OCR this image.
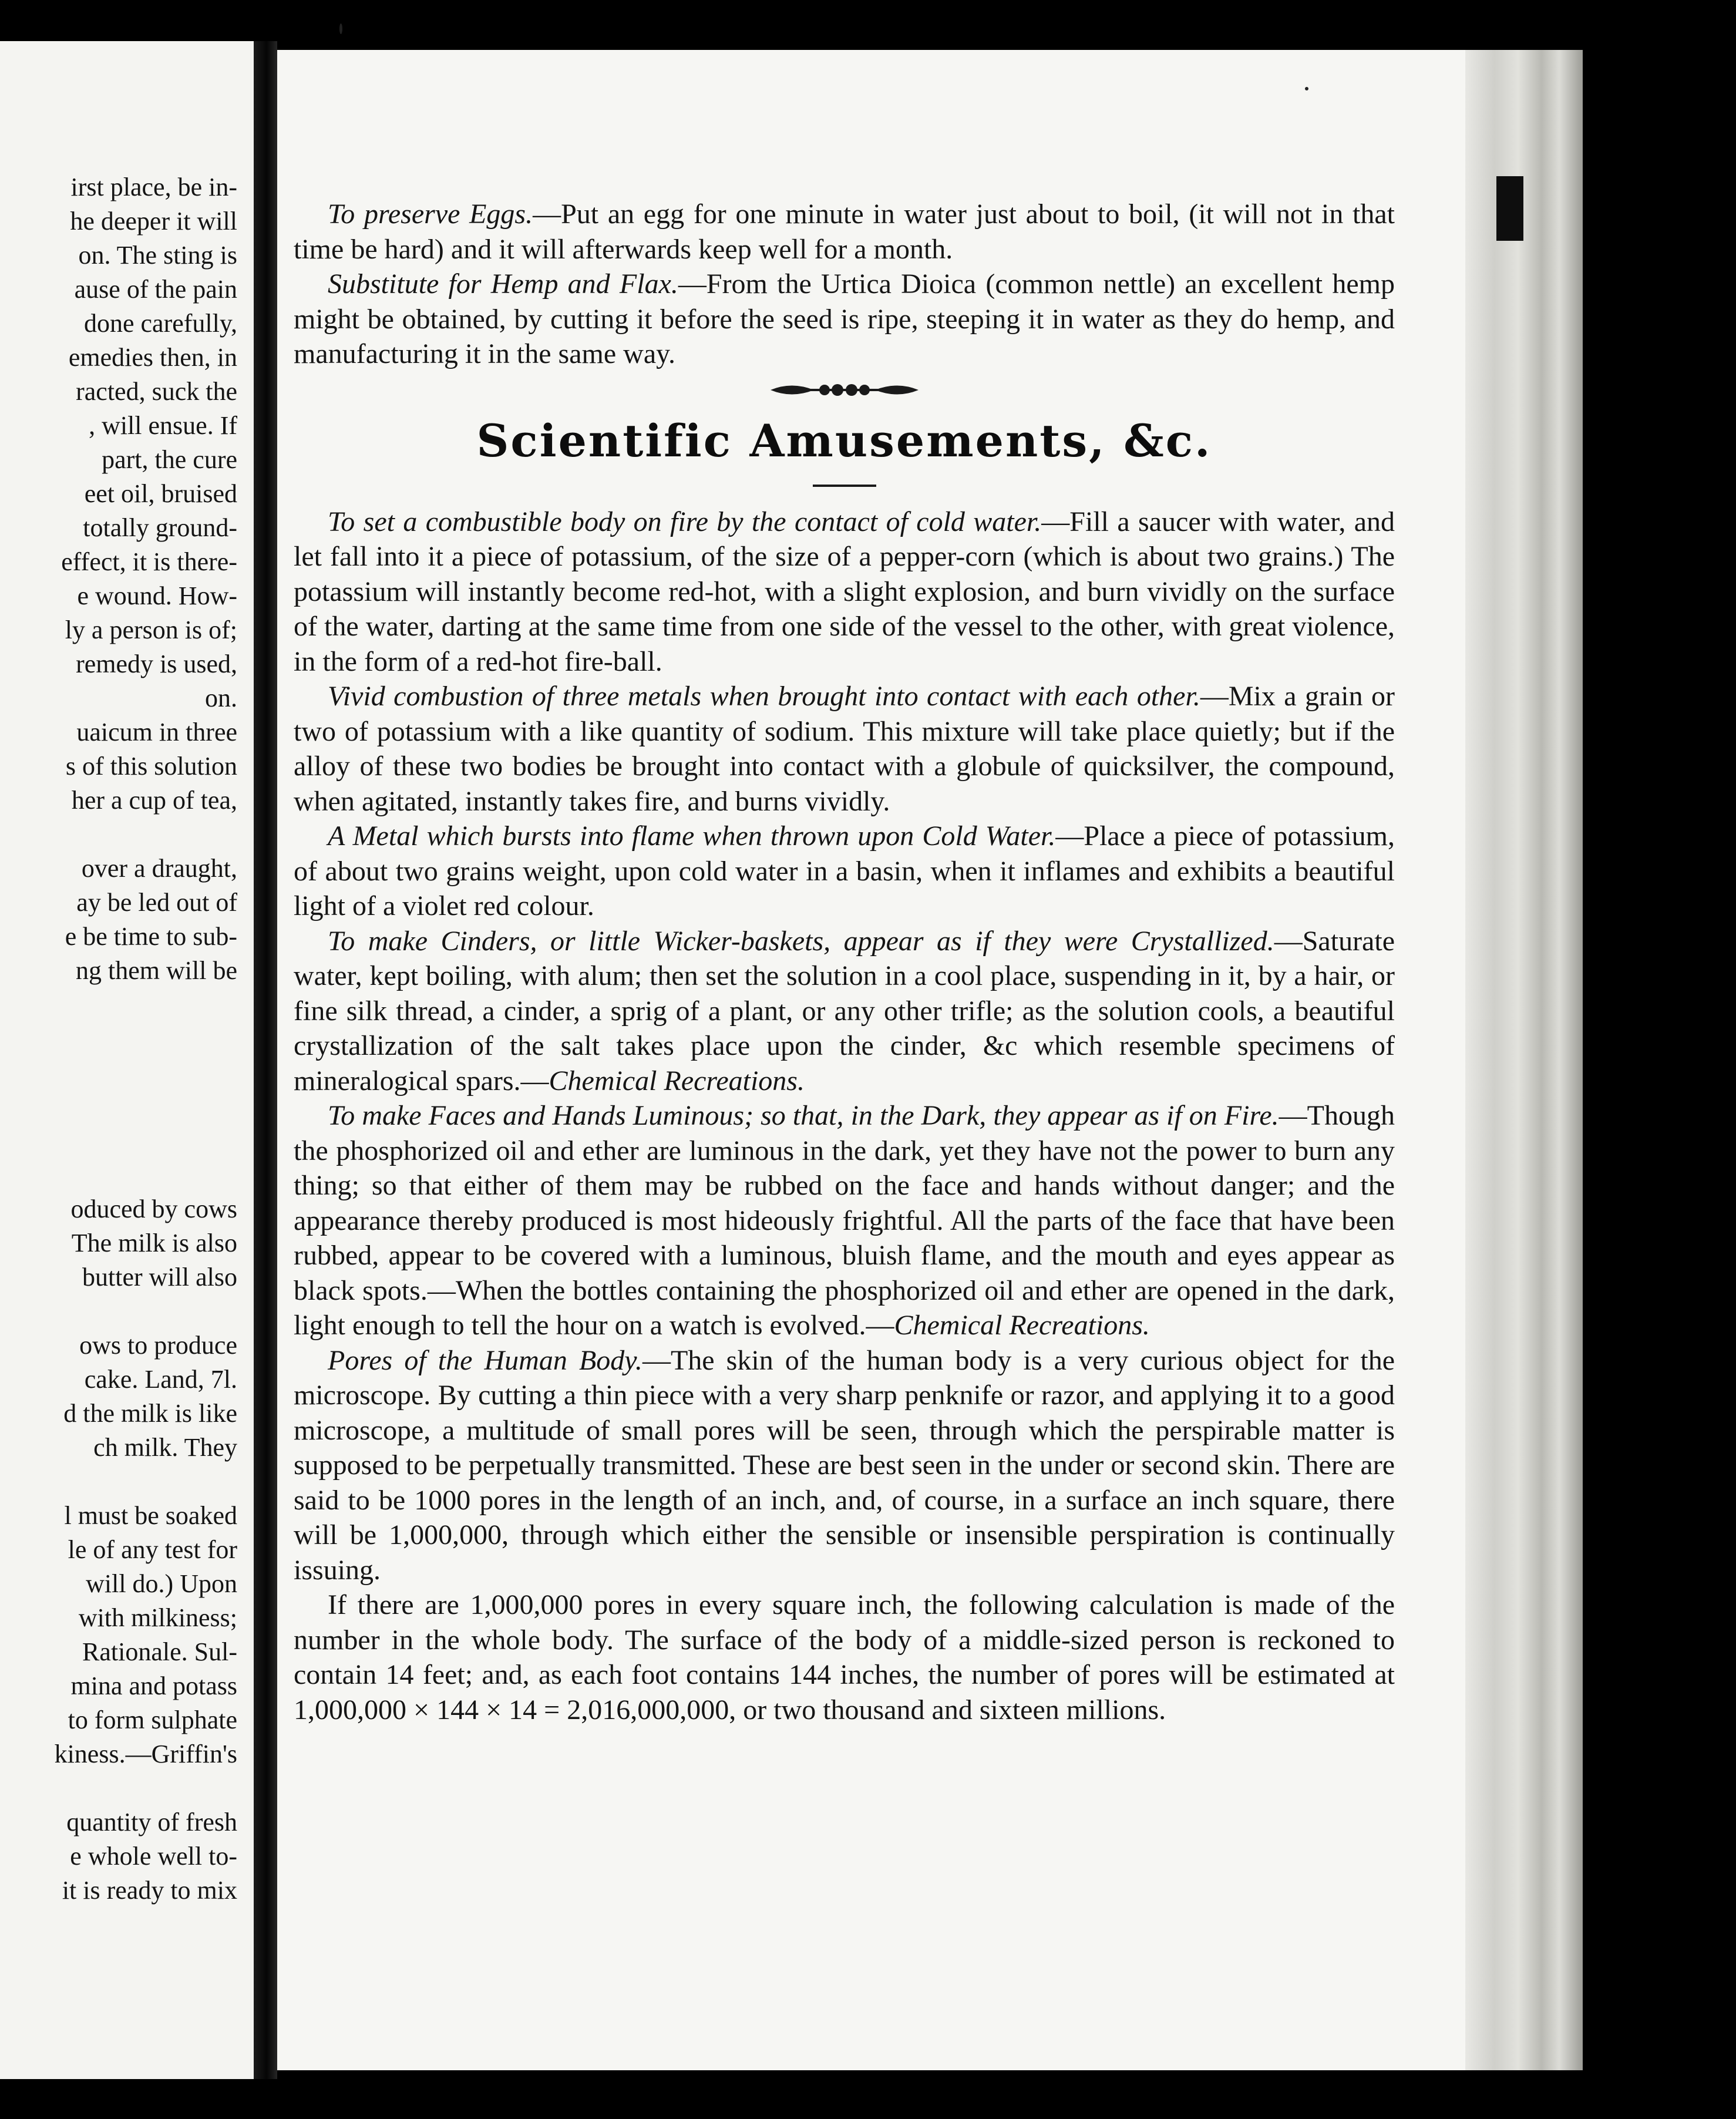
irst place, be in-
he deeper it will
on. The sting is
ause of the pain
done carefully,
emedies then, in
racted, suck the
, will ensue. If
part, the cure
eet oil, bruised
totally ground-
effect, it is there-
e wound. How-
ly a person is of;
remedy is used,
on.
uaicum in three
s of this solution
her a cup of tea,
over a draught,
ay be led out of
e be time to sub-
ng them will be
oduced by cows
The milk is also
butter will also
ows to produce
cake. Land, 7l.
d the milk is like
ch milk. They
l must be soaked
le of any test for
will do.) Upon
with milkiness;
Rationale. Sul-
mina and potass
to form sulphate
kiness.—Griffin's
quantity of fresh
e whole well to-
it is ready to mix

To preserve Eggs.—Put an egg for one minute in water just about to boil, (it will not in that time be hard) and it will afterwards keep well for a month.

Substitute for Hemp and Flax.—From the Urtica Dioica (common nettle) an excellent hemp might be obtained, by cutting it before the seed is ripe, steeping it in water as they do hemp, and manufacturing it in the same way.

Scientific Amusements, &c.

To set a combustible body on fire by the contact of cold water.—Fill a saucer with water, and let fall into it a piece of potassium, of the size of a pepper-corn (which is about two grains.) The potassium will instantly become red-hot, with a slight explosion, and burn vividly on the surface of the water, darting at the same time from one side of the vessel to the other, with great violence, in the form of a red-hot fire-ball.

Vivid combustion of three metals when brought into contact with each other.—Mix a grain or two of potassium with a like quantity of sodium. This mixture will take place quietly; but if the alloy of these two bodies be brought into contact with a globule of quicksilver, the compound, when agitated, instantly takes fire, and burns vividly.

A Metal which bursts into flame when thrown upon Cold Water.—Place a piece of potassium, of about two grains weight, upon cold water in a basin, when it inflames and exhibits a beautiful light of a violet red colour.

To make Cinders, or little Wicker-baskets, appear as if they were Crystallized.—Saturate water, kept boiling, with alum; then set the solution in a cool place, suspending in it, by a hair, or fine silk thread, a cinder, a sprig of a plant, or any other trifle; as the solution cools, a beautiful crystallization of the salt takes place upon the cinder, &c which resemble specimens of mineralogical spars.—Chemical Recreations.

To make Faces and Hands Luminous; so that, in the Dark, they appear as if on Fire.—Though the phosphorized oil and ether are luminous in the dark, yet they have not the power to burn any thing; so that either of them may be rubbed on the face and hands without danger; and the appearance thereby produced is most hideously frightful. All the parts of the face that have been rubbed, appear to be covered with a luminous, bluish flame, and the mouth and eyes appear as black spots.—When the bottles containing the phosphorized oil and ether are opened in the dark, light enough to tell the hour on a watch is evolved.—Chemical Recreations.

Pores of the Human Body.—The skin of the human body is a very curious object for the microscope. By cutting a thin piece with a very sharp penknife or razor, and applying it to a good microscope, a multitude of small pores will be seen, through which the perspirable matter is supposed to be perpetually transmitted. These are best seen in the under or second skin. There are said to be 1000 pores in the length of an inch, and, of course, in a surface an inch square, there will be 1,000,000, through which either the sensible or insensible perspiration is continually issuing.

If there are 1,000,000 pores in every square inch, the following calculation is made of the number in the whole body. The surface of the body of a middle-sized person is reckoned to contain 14 feet; and, as each foot contains 144 inches, the number of pores will be estimated at 1,000,000 × 144 × 14 = 2,016,000,000, or two thousand and sixteen millions.
